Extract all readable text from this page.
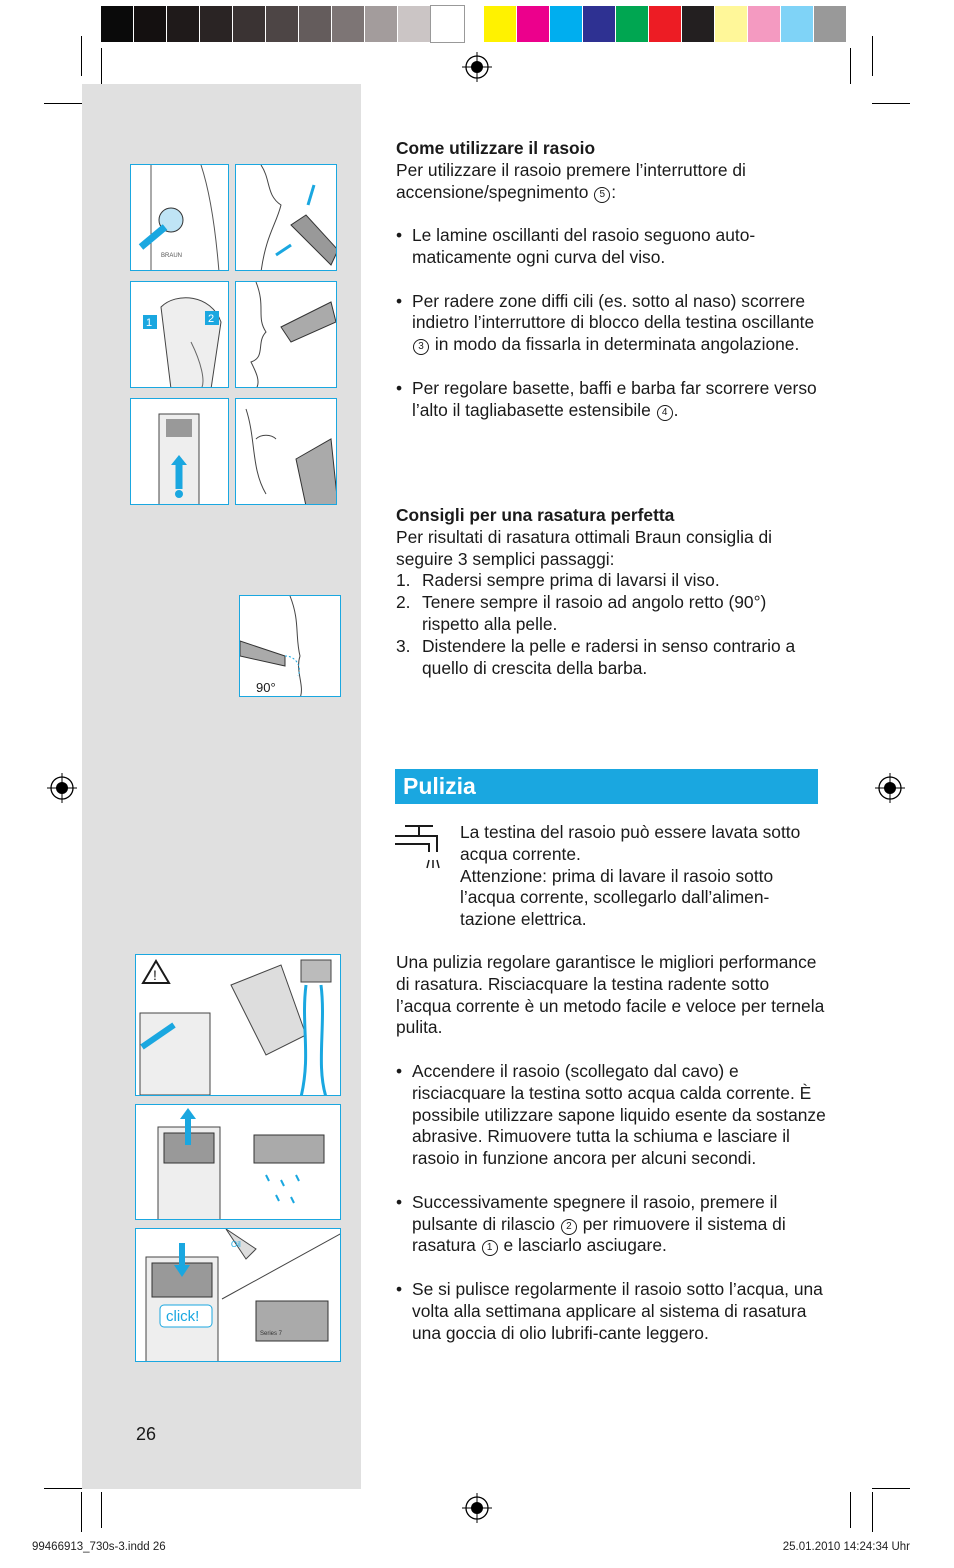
BRAUN
1	2
90°
!
click!
Oil
Series 7

Come utilizzare il rasoio

Per utilizzare il rasoio premere l’interruttore di accensione/spegnimento 5 :

• Le lamine oscillanti del rasoio seguono auto-maticamente ogni curva del viso.
• Per radere zone diffi cili (es. sotto al naso) scorrere indietro l’interruttore di blocco della testina oscillante 3 in modo da fissarla in determinata angolazione.
• Per regolare basette, baffi e barba far scorrere verso l’alto il tagliabasette estensibile 4 .

Consigli per una rasatura perfetta

Per risultati di rasatura ottimali Braun consiglia di seguire 3 semplici passaggi:

1. Radersi sempre prima di lavarsi il viso.
2. Tenere sempre il rasoio ad angolo retto (90°) rispetto alla pelle.
3. Distendere la pelle e radersi in senso contrario a quello di crescita della barba.
Pulizia

La testina del rasoio può essere lavata sotto acqua corrente.
Attenzione: prima di lavare il rasoio sotto l’acqua corrente, scollegarlo dall’alimen-tazione elettrica.

Una pulizia regolare garantisce le migliori performance di rasatura. Risciacquare la testina radente sotto l’acqua corrente è un metodo facile e veloce per ternela pulita.

• Accendere il rasoio (scollegato dal cavo) e risciacquare la testina sotto acqua calda corrente. È possibile utilizzare sapone liquido esente da sostanze abrasive. Rimuovere tutta la schiuma e lasciare il rasoio in funzione ancora per alcuni secondi.
• Successivamente spegnere il rasoio, premere il pulsante di rilascio 2 per rimuovere il sistema di rasatura 1 e lasciarlo asciugare.
• Se si pulisce regolarmente il rasoio sotto l’acqua, una volta alla settimana applicare al sistema di rasatura una goccia di olio lubrifi-cante leggero.
26
99466913_730s-3.indd 26	25.01.2010 14:24:34 Uhr
